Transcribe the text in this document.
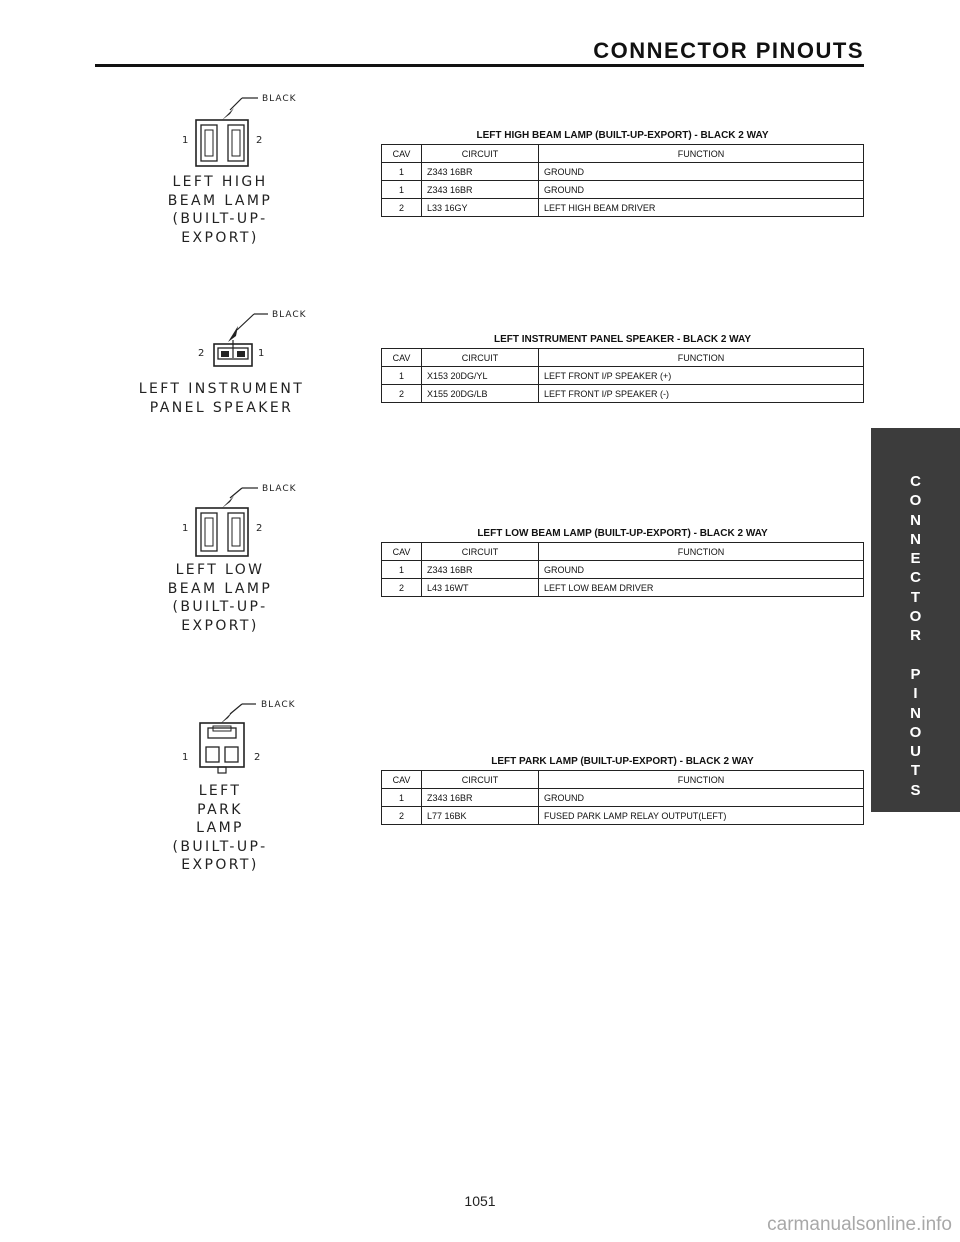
CONNECTOR PINOUTS
C
O
N
N
E
C
T
O
R

P
I
N
O
U
T
S
BLACK
1	2
LEFT HIGH
BEAM LAMP
(BUILT-UP-
EXPORT)
BLACK
2	1
LEFT INSTRUMENT
PANEL SPEAKER
BLACK
1	2
LEFT LOW
BEAM LAMP
(BUILT-UP-
EXPORT)
BLACK
1	2
LEFT
PARK
LAMP
(BUILT-UP-
EXPORT)
LEFT HIGH BEAM LAMP (BUILT-UP-EXPORT) - BLACK 2 WAY
CAV	CIRCUIT	FUNCTION
1	Z343 16BR	GROUND
1	Z343 16BR	GROUND
2	L33 16GY	LEFT HIGH BEAM DRIVER
LEFT INSTRUMENT PANEL SPEAKER - BLACK 2 WAY
CAV	CIRCUIT	FUNCTION
1	X153 20DG/YL	LEFT FRONT I/P SPEAKER (+)
2	X155 20DG/LB	LEFT FRONT I/P SPEAKER (-)
LEFT LOW BEAM LAMP (BUILT-UP-EXPORT) - BLACK 2 WAY
CAV	CIRCUIT	FUNCTION
1	Z343 16BR	GROUND
2	L43 16WT	LEFT LOW BEAM DRIVER
LEFT PARK LAMP (BUILT-UP-EXPORT) - BLACK 2 WAY
CAV	CIRCUIT	FUNCTION
1	Z343 16BR	GROUND
2	L77 16BK	FUSED PARK LAMP RELAY OUTPUT(LEFT)
1051
carmanualsonline.info
